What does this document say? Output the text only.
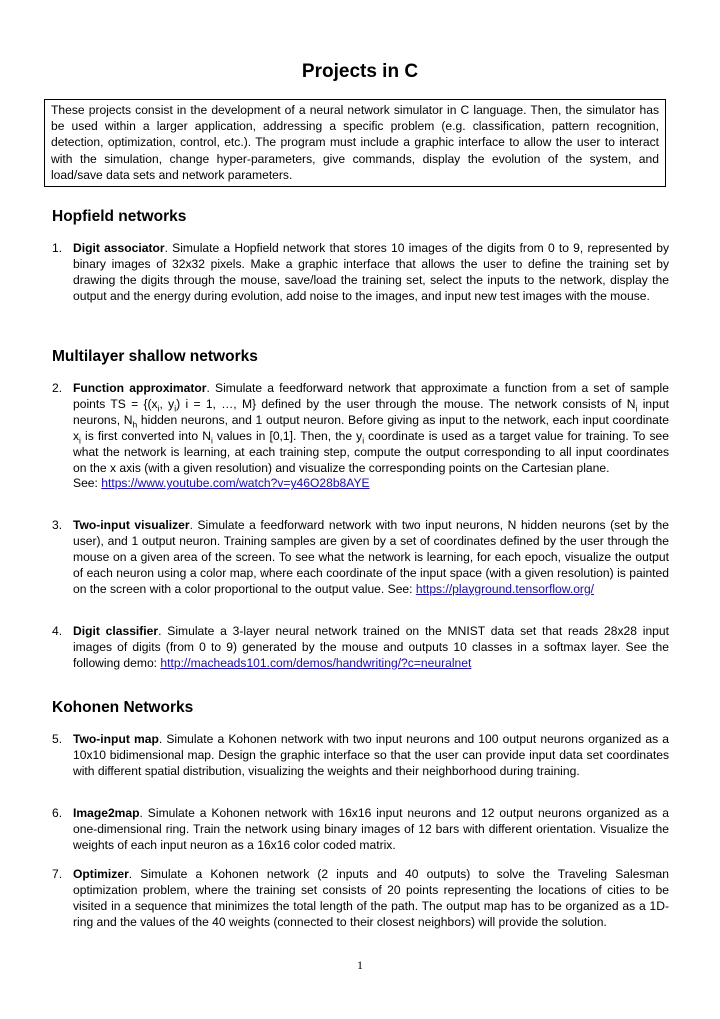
Projects in C
These projects consist in the development of a neural network simulator in C language. Then, the simulator has be used within a larger application, addressing a specific problem (e.g. classification, pattern recognition, detection, optimization, control, etc.). The program must include a graphic interface to allow the user to interact with the simulation, change hyper-parameters, give commands, display the evolution of the system, and load/save data sets and network parameters.
Hopfield networks
1. Digit associator. Simulate a Hopfield network that stores 10 images of the digits from 0 to 9, represented by binary images of 32x32 pixels. Make a graphic interface that allows the user to define the training set by drawing the digits through the mouse, save/load the training set, select the inputs to the network, display the output and the energy during evolution, add noise to the images, and input new test images with the mouse.
Multilayer shallow networks
2. Function approximator. Simulate a feedforward network that approximate a function from a set of sample points TS = {($x_i$, $y_i$) i = 1, …, M} defined by the user through the mouse. The network consists of $N_i$ input neurons, $N_h$ hidden neurons, and 1 output neuron. Before giving as input to the network, each input coordinate $x_i$ is first converted into $N_i$ values in [0,1]. Then, the $y_i$ coordinate is used as a target value for training. To see what the network is learning, at each training step, compute the output corresponding to all input coordinates on the x axis (with a given resolution) and visualize the corresponding points on the Cartesian plane.
See: https://www.youtube.com/watch?v=y46O28b8AYE
3. Two-input visualizer. Simulate a feedforward network with two input neurons, N hidden neurons (set by the user), and 1 output neuron. Training samples are given by a set of coordinates defined by the user through the mouse on a given area of the screen. To see what the network is learning, for each epoch, visualize the output of each neuron using a color map, where each coordinate of the input space (with a given resolution) is painted on the screen with a color proportional to the output value. See: https://playground.tensorflow.org/
4. Digit classifier. Simulate a 3-layer neural network trained on the MNIST data set that reads 28x28 input images of digits (from 0 to 9) generated by the mouse and outputs 10 classes in a softmax layer. See the following demo: http://macheads101.com/demos/handwriting/?c=neuralnet
Kohonen Networks
5. Two-input map. Simulate a Kohonen network with two input neurons and 100 output neurons organized as a 10x10 bidimensional map. Design the graphic interface so that the user can provide input data set coordinates with different spatial distribution, visualizing the weights and their neighborhood during training.
6. Image2map. Simulate a Kohonen network with 16x16 input neurons and 12 output neurons organized as a one-dimensional ring. Train the network using binary images of 12 bars with different orientation. Visualize the weights of each input neuron as a 16x16 color coded matrix.
7. Optimizer. Simulate a Kohonen network (2 inputs and 40 outputs) to solve the Traveling Salesman optimization problem, where the training set consists of 20 points representing the locations of cities to be visited in a sequence that minimizes the total length of the path. The output map has to be organized as a 1D-ring and the values of the 40 weights (connected to their closest neighbors) will provide the solution.
1
